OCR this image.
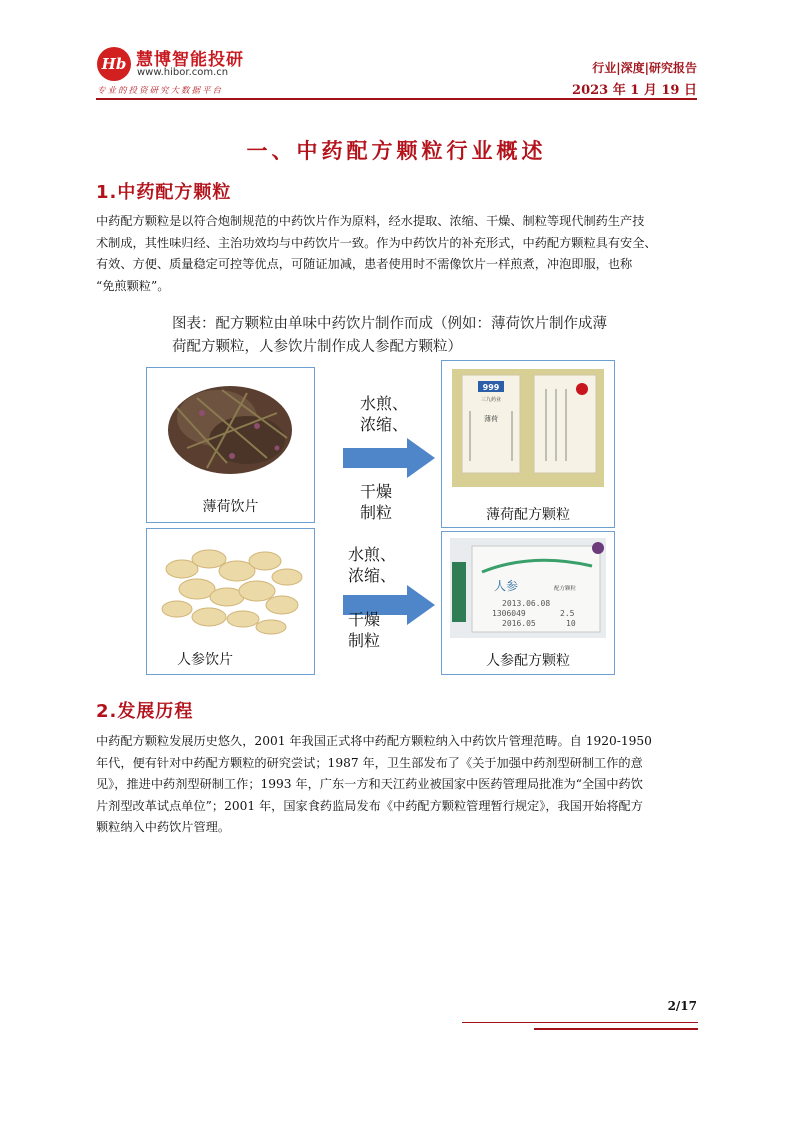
Hb 慧博智能投研
www.hibor.com.cn
专业的投资研究大数据平台
行业|深度|研究报告
2023 年 1 月 19 日
一、中药配方颗粒行业概述
1.中药配方颗粒
中药配方颗粒是以符合炮制规范的中药饮片作为原料，经水提取、浓缩、干燥、制粒等现代制药生产技
术制成，其性味归经、主治功效均与中药饮片一致。作为中药饮片的补充形式，中药配方颗粒具有安全、
有效、方便、质量稳定可控等优点，可随证加减，患者使用时不需像饮片一样煎煮，冲泡即服，也称
“免煎颗粒”。
图表：配方颗粒由单味中药饮片制作而成（例如：薄荷饮片制作成薄
荷配方颗粒，人参饮片制作成人参配方颗粒）
薄荷饮片
水煎、
浓缩、
干燥
制粒
999
三九药业
薄荷
薄荷配方颗粒
人参饮片
水煎、
浓缩、
干燥
制粒
人参	配方颗粒
2013.06.08
1306049	2.5
2016.05	10
人参配方颗粒
2.发展历程
中药配方颗粒发展历史悠久，2001 年我国正式将中药配方颗粒纳入中药饮片管理范畴。自 1920-1950
年代，便有针对中药配方颗粒的研究尝试；1987 年，卫生部发布了《关于加强中药剂型研制工作的意
见》，推进中药剂型研制工作；1993 年，广东一方和天江药业被国家中医药管理局批准为“全国中药饮
片剂型改革试点单位”；2001 年，国家食药监局发布《中药配方颗粒管理暂行规定》，我国开始将配方
颗粒纳入中药饮片管理。
2/17
